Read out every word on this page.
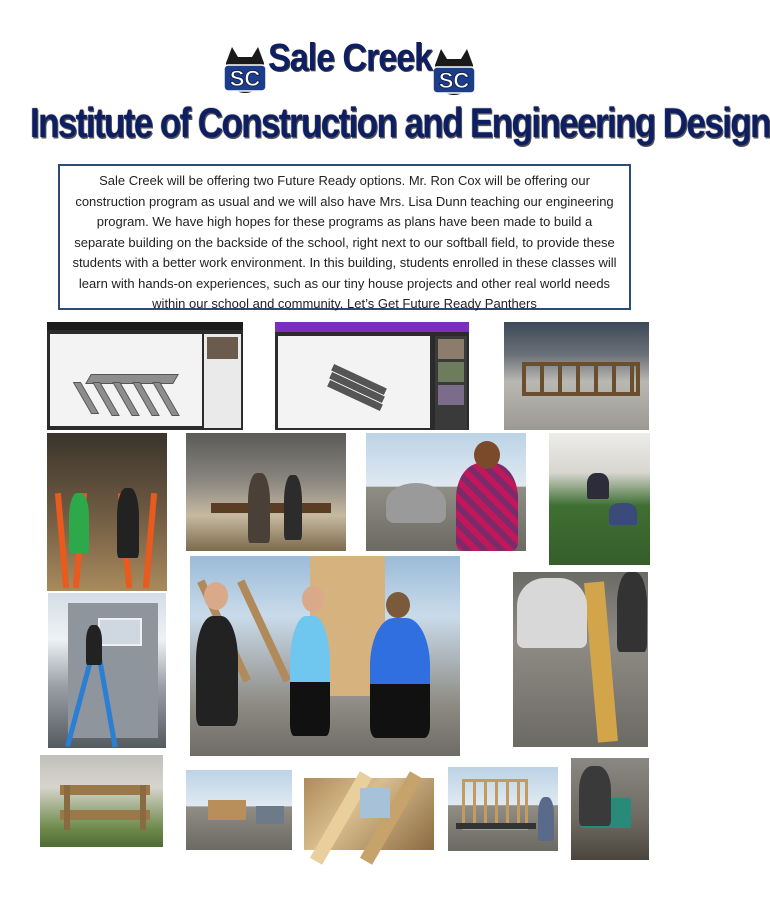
SC	SC
Sale Creek
Institute of Construction and Engineering Design
Sale Creek will be offering two Future Ready options. Mr. Ron Cox will be offering our construction program as usual and we will also have Mrs. Lisa Dunn teaching our engineering program. We have high hopes for these programs as plans have been made to build a separate building on the backside of the school, right next to our softball field, to provide these students with a better work environment. In this building, students enrolled in these classes will learn with hands-on experiences, such as our tiny house projects and other real world needs within our school and community. Let’s Get Future Ready Panthers
